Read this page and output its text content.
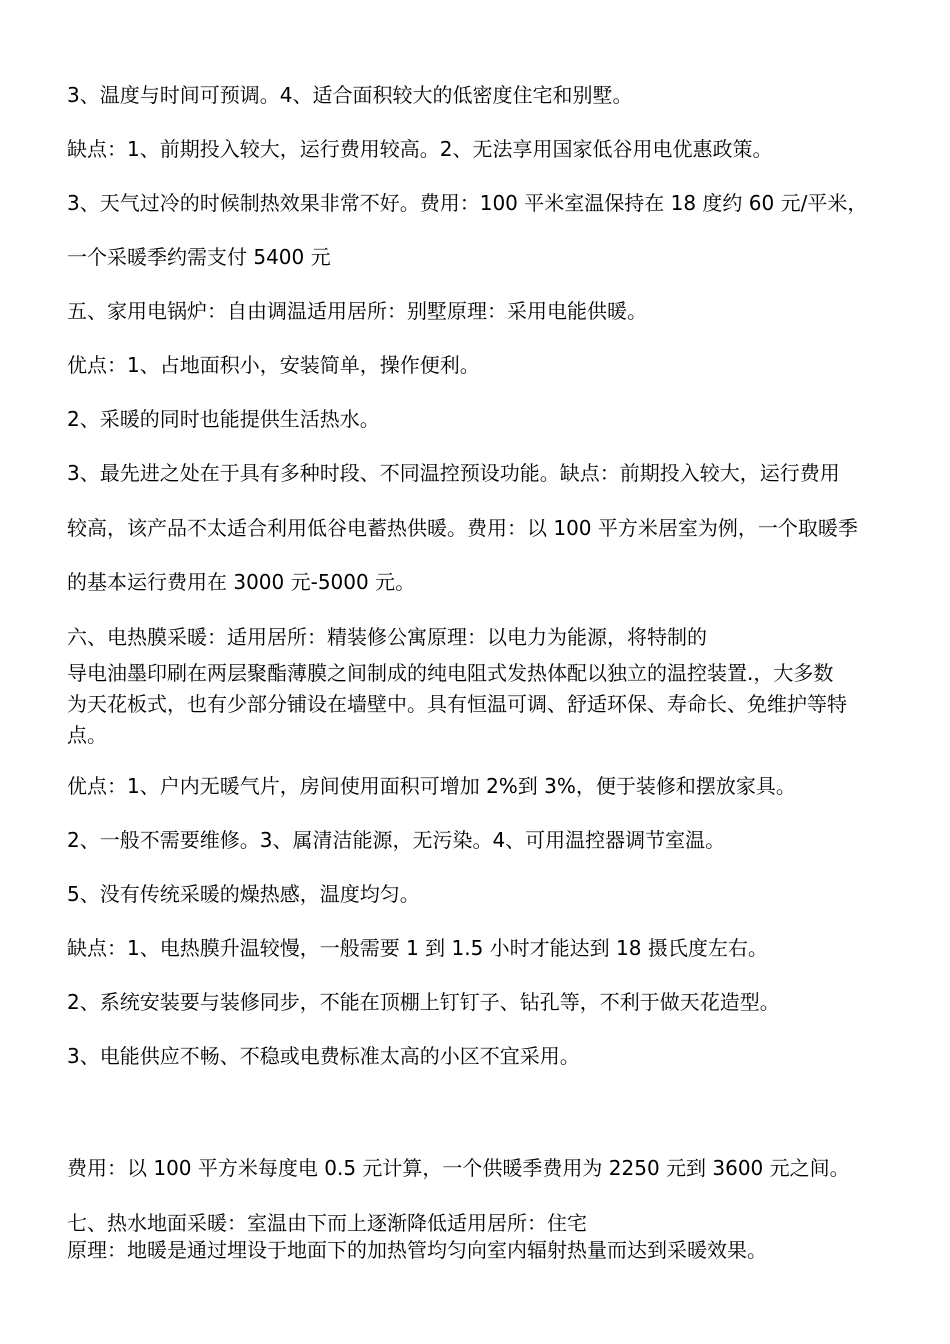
3、温度与时间可预调。4、适合面积较大的低密度住宅和别墅。
缺点：1、前期投入较大，运行费用较高。2、无法享用国家低谷用电优惠政策。
3、天气过冷的时候制热效果非常不好。费用：100 平米室温保持在 18 度约 60 元/平米，
一个采暖季约需支付 5400 元
五、家用电锅炉：自由调温适用居所：别墅原理：采用电能供暖。
优点：1、占地面积小，安装简单，操作便利。
2、采暖的同时也能提供生活热水。
3、最先进之处在于具有多种时段、不同温控预设功能。缺点：前期投入较大，运行费用
较高，该产品不太适合利用低谷电蓄热供暖。费用：以 100 平方米居室为例，一个取暖季
的基本运行费用在 3000 元-5000 元。
六、电热膜采暖：适用居所：精装修公寓原理：以电力为能源，将特制的
导电油墨印刷在两层聚酯薄膜之间制成的纯电阻式发热体配以独立的温控装置.，大多数
为天花板式，也有少部分铺设在墙壁中。具有恒温可调、舒适环保、寿命长、免维护等特
点。
优点：1、户内无暖气片，房间使用面积可增加 2%到 3%，便于装修和摆放家具。
2、一般不需要维修。3、属清洁能源，无污染。4、可用温控器调节室温。
5、没有传统采暖的燥热感，温度均匀。
缺点：1、电热膜升温较慢，一般需要 1 到 1.5 小时才能达到 18 摄氏度左右。
2、系统安装要与装修同步，不能在顶棚上钉钉子、钻孔等，不利于做天花造型。
3、电能供应不畅、不稳或电费标准太高的小区不宜采用。
费用：以 100 平方米每度电 0.5 元计算，一个供暖季费用为 2250 元到 3600 元之间。
七、热水地面采暖：室温由下而上逐渐降低适用居所：住宅
原理：地暖是通过埋设于地面下的加热管均匀向室内辐射热量而达到采暖效果。
